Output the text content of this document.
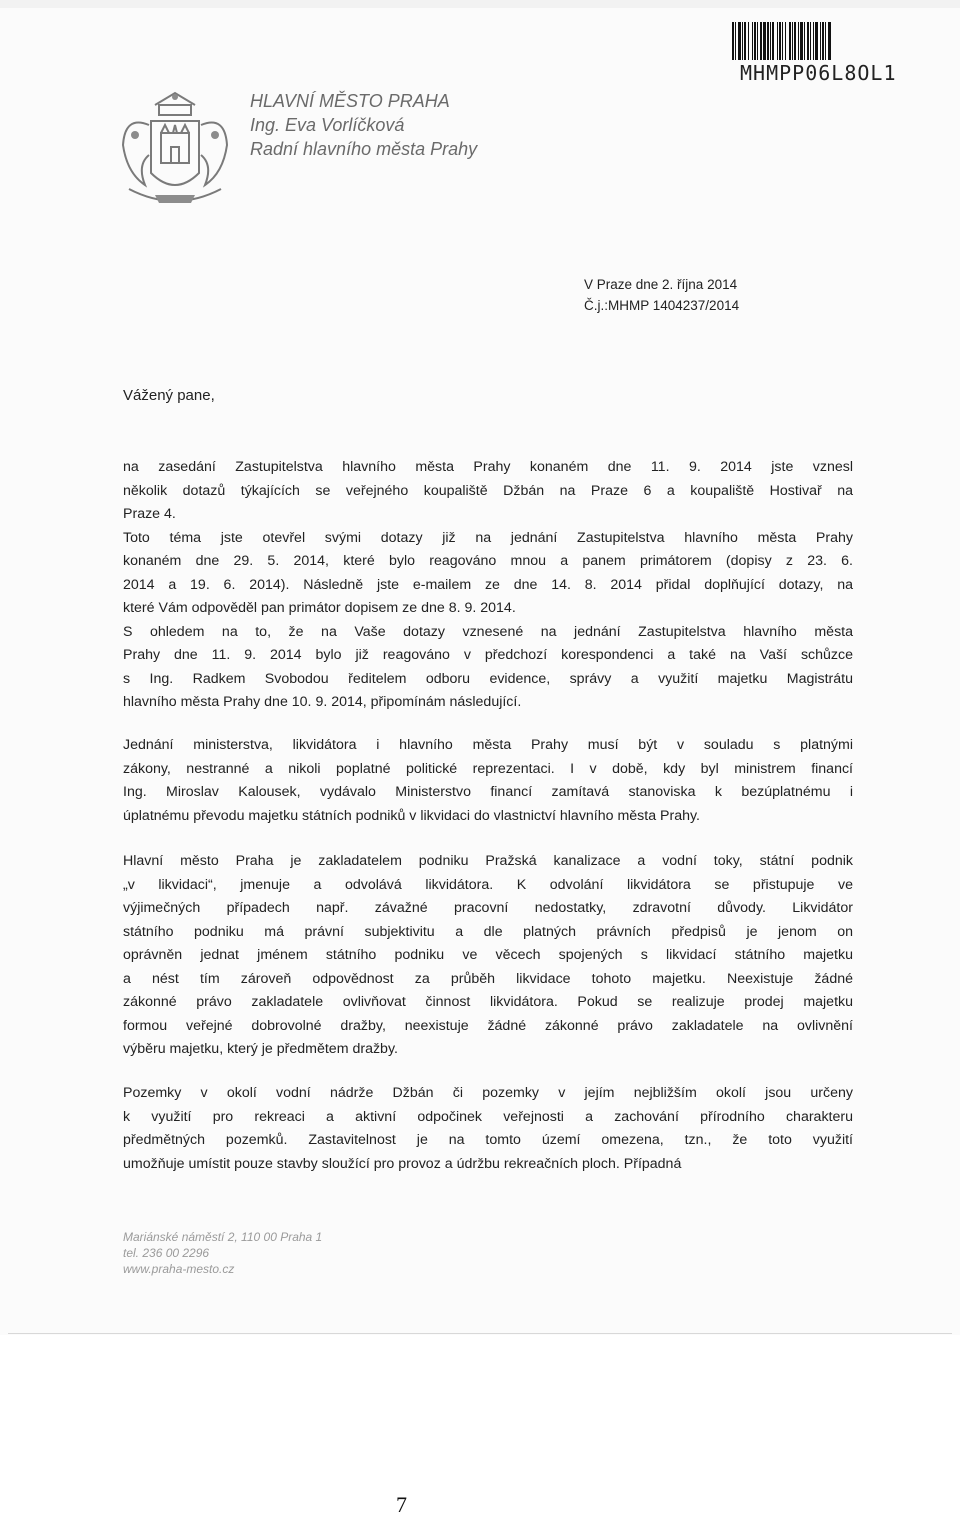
MHMPP06L8OL1
HLAVNÍ MĚSTO PRAHA
Ing. Eva Vorlíčková
Radní hlavního města Prahy
V Praze dne 2. října 2014
Č.j.:MHMP 1404237/2014
Vážený pane,
na zasedání Zastupitelstva hlavního města Prahy konaném dne 11. 9. 2014 jste vznesl
několik dotazů týkajících se veřejného koupaliště Džbán na Praze 6 a koupaliště Hostivař na
Praze 4.
Toto téma jste otevřel svými dotazy již na jednání Zastupitelstva hlavního města Prahy
konaném dne 29. 5. 2014, které bylo reagováno mnou a panem primátorem (dopisy z 23. 6.
2014 a 19. 6. 2014). Následně jste e-mailem ze dne 14. 8. 2014 přidal doplňující dotazy, na
které Vám odpověděl pan primátor dopisem ze dne 8. 9. 2014.
S ohledem na to, že na Vaše dotazy vznesené na jednání Zastupitelstva hlavního města
Prahy dne 11. 9. 2014 bylo již reagováno v předchozí korespondenci a také na Vaší schůzce
s Ing. Radkem Svobodou ředitelem odboru evidence, správy a využití majetku Magistrátu
hlavního města Prahy dne 10. 9. 2014, připomínám následující.
Jednání ministerstva, likvidátora i hlavního města Prahy musí být v souladu s platnými
zákony, nestranné a nikoli poplatné politické reprezentaci. I v době, kdy byl ministrem financí
Ing. Miroslav Kalousek, vydávalo Ministerstvo financí zamítavá stanoviska k bezúplatnému i
úplatnému převodu majetku státních podniků v likvidaci do vlastnictví hlavního města Prahy.
Hlavní město Praha je zakladatelem podniku Pražská kanalizace a vodní toky, státní podnik
„v likvidaci“, jmenuje a odvolává likvidátora. K odvolání likvidátora se přistupuje ve
výjimečných případech např. závažné pracovní nedostatky, zdravotní důvody. Likvidátor
státního podniku má právní subjektivitu a dle platných právních předpisů je jenom on
oprávněn jednat jménem státního podniku ve věcech spojených s likvidací státního majetku
a nést tím zároveň odpovědnost za průběh likvidace tohoto majetku. Neexistuje žádné
zákonné právo zakladatele ovlivňovat činnost likvidátora. Pokud se realizuje prodej majetku
formou veřejné dobrovolné dražby, neexistuje žádné zákonné právo zakladatele na ovlivnění
výběru majetku, který je předmětem dražby.
Pozemky v okolí vodní nádrže Džbán či pozemky v jejím nejbližším okolí jsou určeny
k využití pro rekreaci a aktivní odpočinek veřejnosti a zachování přírodního charakteru
předmětných pozemků. Zastavitelnost je na tomto území omezena, tzn., že toto využití
umožňuje umístit pouze stavby sloužící pro provoz a údržbu rekreačních ploch. Případná
Mariánské náměstí 2, 110 00 Praha 1
tel. 236 00 2296
www.praha-mesto.cz
7
